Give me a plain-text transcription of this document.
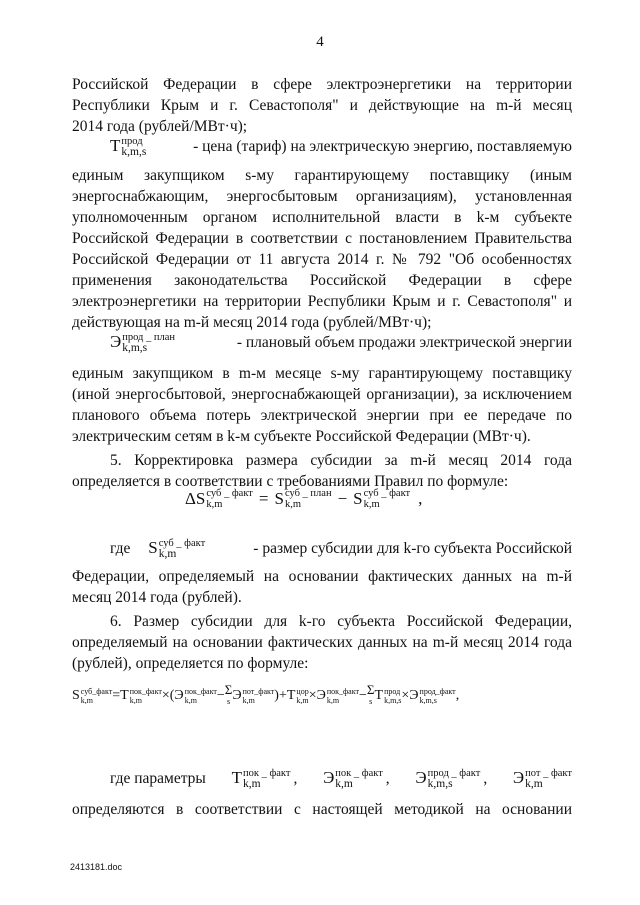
4
Российской Федерации в сфере электроэнергетики на территории
Республики Крым и г. Севастополя" и действующие на m-й месяц
2014 года (рублей/МВт·ч);
T прод
k,m,s	- цена (тариф) на электрическую энергию, поставляемую
единым закупщиком s-му гарантирующему поставщику (иным
энергоснабжающим, энергосбытовым организациям), установленная
уполномоченным органом исполнительной власти в k-м субъекте
Российской Федерации в соответствии с постановлением Правительства
Российской Федерации от 11 августа 2014 г. № 792 "Об особенностях
применения законодательства Российской Федерации в сфере
электроэнергетики на территории Республики Крым и г. Севастополя" и
действующая на m-й месяц 2014 года (рублей/МВт·ч);
Э прод _ план
k,m,s	- плановый объем продажи электрической энергии
единым закупщиком в m-м месяце s-му гарантирующему поставщику
(иной энергосбытовой, энергоснабжающей организации), за исключением
планового объема потерь электрической энергии при ее передаче по
электрическим сетям в k-м субъекте Российской Федерации (МВт·ч).
5. Корректировка размера субсидии за m-й месяц 2014 года
определяется в соответствии с требованиями Правил по формуле:
ΔS суб _ факт
k,m	= S суб _ план
k,m	− S суб _ факт
k,m	,
где S суб _ факт
k,m	- размер субсидии для k-го субъекта Российской
Федерации, определяемый на основании фактических данных на m-й
месяц 2014 года (рублей).
6. Размер субсидии для k-го субъекта Российской Федерации,
определяемый на основании фактических данных на m-й месяц 2014 года
(рублей), определяется по формуле:
S суб_факт
k,m	= T пок_факт
k,m	×(Э пок_факт
k,m	− Σ
s Э пот_факт
k,m	)+T цор
k,m ×Э пок_факт
k,m	− Σ
s T прод
k,m,s ×Э прод_факт
k,m,s	,
где параметры T пок _ факт
k,m	, Э пок _ факт
k,m	, Э прод _ факт
k,m,s	, Э пот _ факт
k,m
определяются в соответствии с настоящей методикой на основании
2413181.doc
